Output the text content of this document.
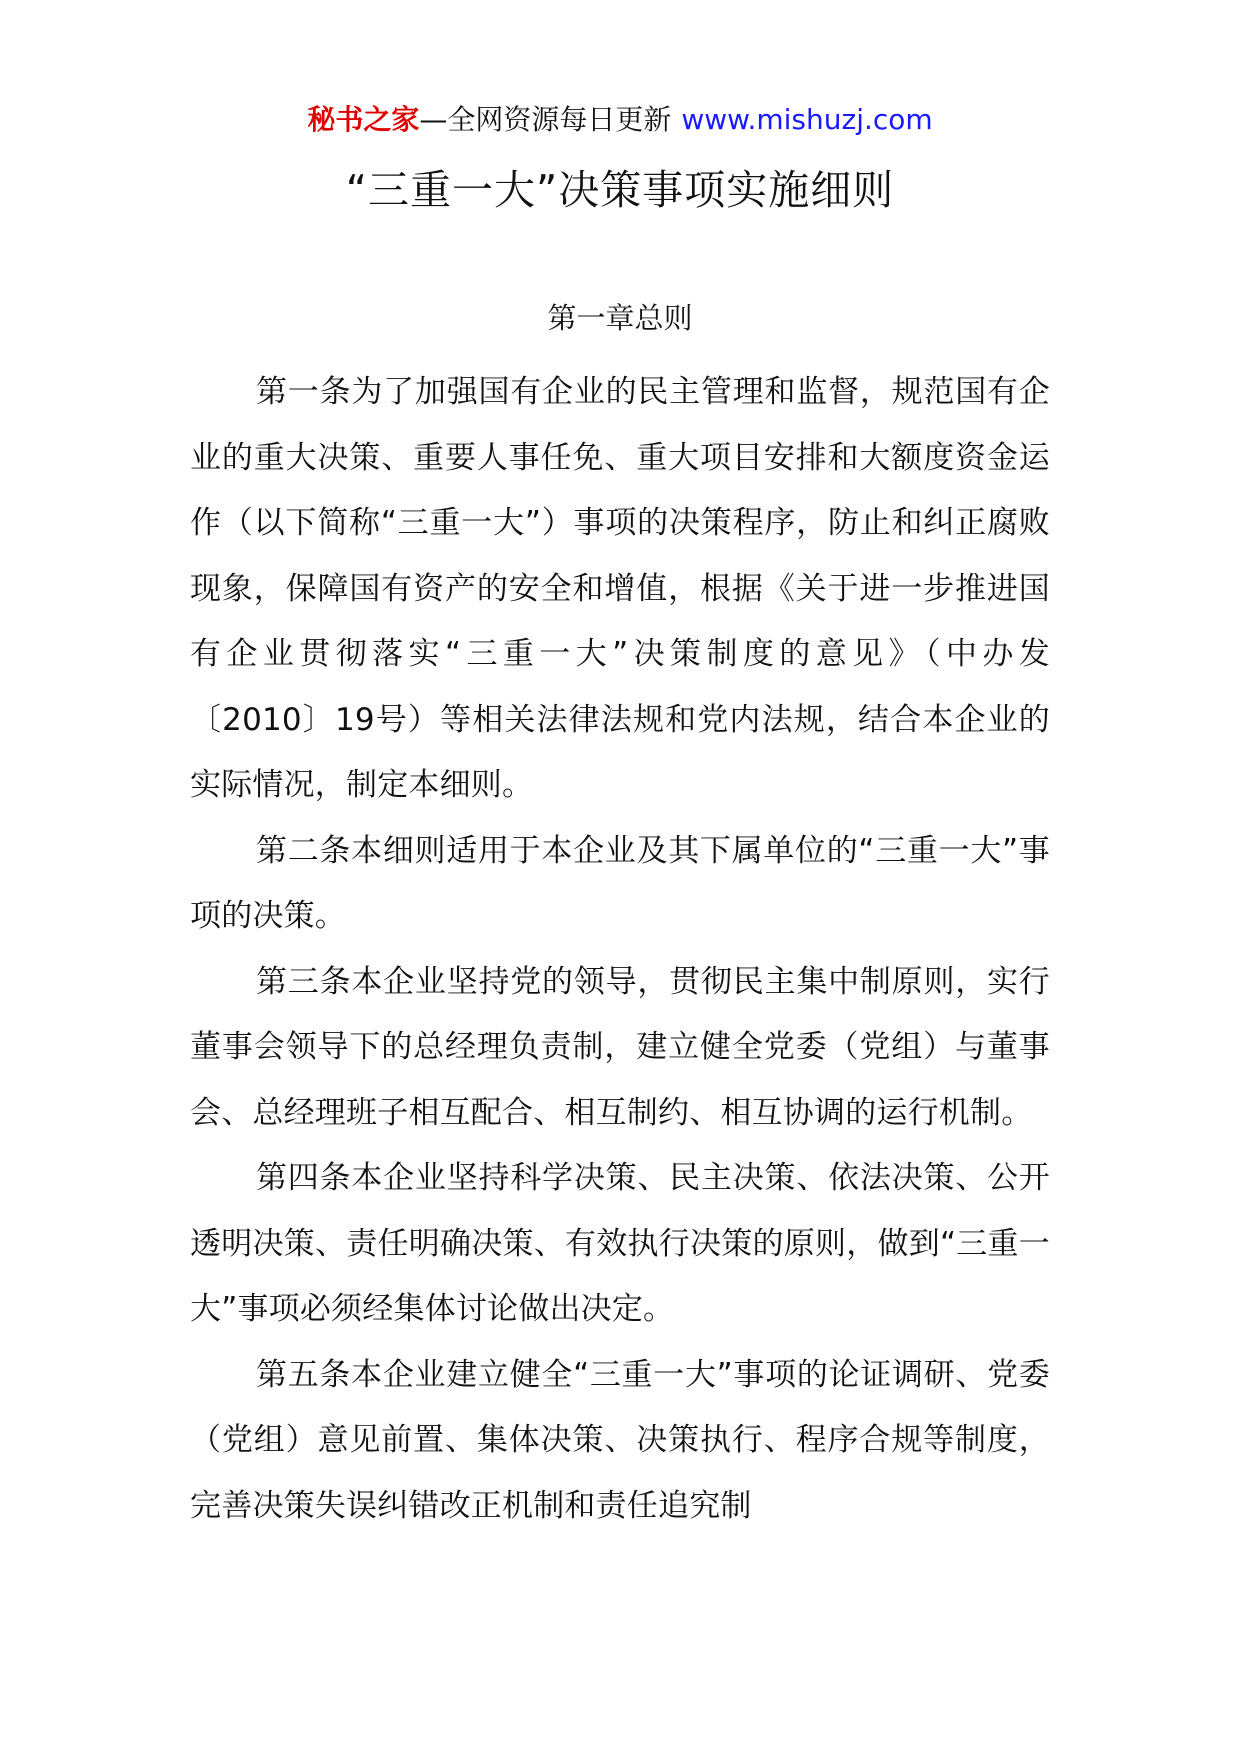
秘书之家—全网资源每日更新 www.mishuzj.com
“三重一大”决策事项实施细则
第一章总则

第一条为了加强国有企业的民主管理和监督，规范国有企业的重大决策、重要人事任免、重大项目安排和大额度资金运作（以下简称“三重一大”）事项的决策程序，防止和纠正腐败现象，保障国有资产的安全和增值，根据《关于进一步推进国有企业贯彻落实“三重一大”决策制度的意见》（中办发〔2010〕19号）等相关法律法规和党内法规，结合本企业的实际情况，制定本细则。

第二条本细则适用于本企业及其下属单位的“三重一大”事项的决策。

第三条本企业坚持党的领导，贯彻民主集中制原则，实行董事会领导下的总经理负责制，建立健全党委（党组）与董事会、总经理班子相互配合、相互制约、相互协调的运行机制。

第四条本企业坚持科学决策、民主决策、依法决策、公开透明决策、责任明确决策、有效执行决策的原则，做到“三重一大”事项必须经集体讨论做出决定。

第五条本企业建立健全“三重一大”事项的论证调研、党委（党组）意见前置、集体决策、决策执行、程序合规等制度，完善决策失误纠错改正机制和责任追究制
